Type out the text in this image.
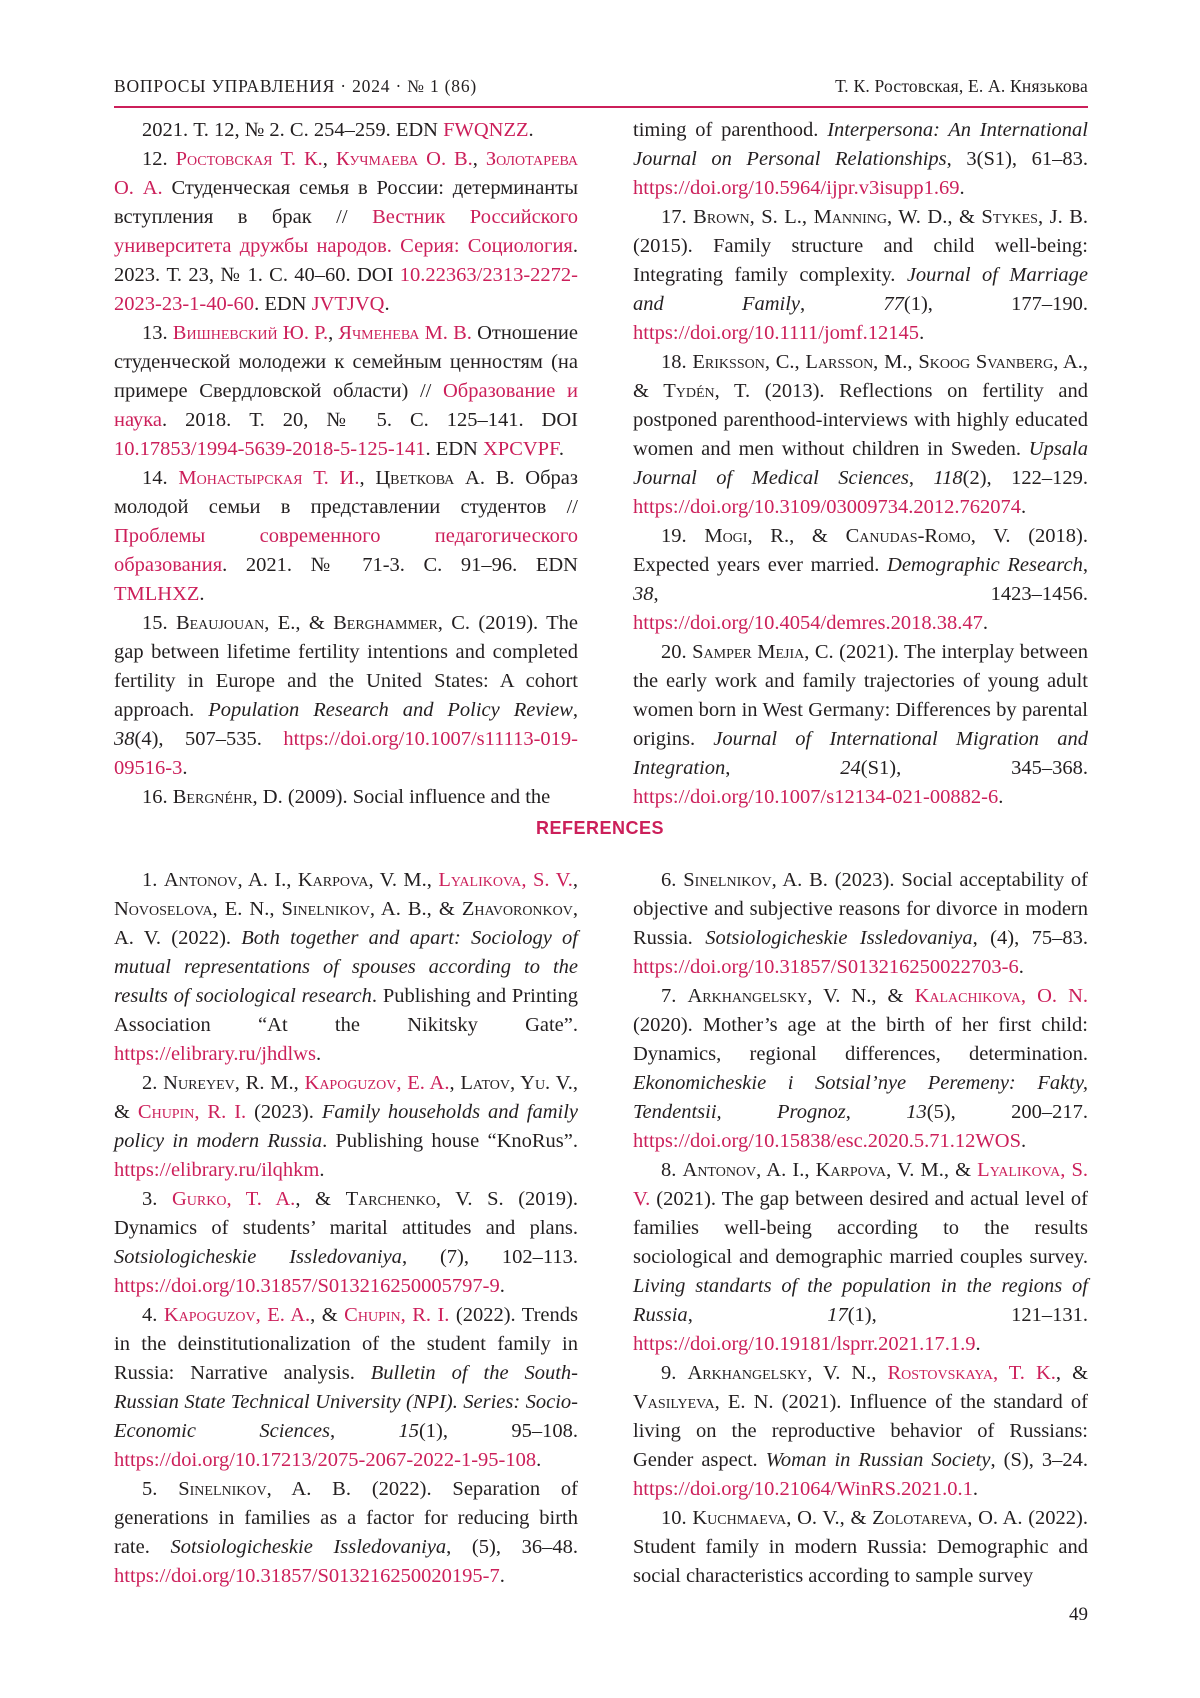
ВОПРОСЫ УПРАВЛЕНИЯ · 2024 · № 1 (86)	Т. К. Ростовская, Е. А. Князькова

2021. Т. 12, № 2. С. 254–259. EDN FWQNZZ.

12. Ростовская Т. К., Кучмаева О. В., Золотарева О. А. Студенческая семья в России: детерминанты вступления в брак // Вестник Российского университета дружбы народов. Серия: Социология. 2023. Т. 23, № 1. С. 40–60. DOI 10.22363/2313-2272-2023-23-1-40-60. EDN JVTJVQ.

13. Вишневский Ю. Р., Ячменева М. В. Отношение студенческой молодежи к семейным ценностям (на примере Свердловской области) // Образование и наука. 2018. Т. 20, № 5. С. 125–141. DOI 10.17853/1994-5639-2018-5-125-141. EDN XPCVPF.

14. Монастырская Т. И., Цветкова А. В. Образ молодой семьи в представлении студентов // Проблемы современного педагогического образования. 2021. № 71-3. С. 91–96. EDN TMLHXZ.

15. Beaujouan, E., & Berghammer, C. (2019). The gap between lifetime fertility intentions and completed fertility in Europe and the United States: A cohort approach. Population Research and Policy Review, 38(4), 507–535. https://doi.org/10.1007/s11113-019-09516-3.

16. Bergnéhr, D. (2009). Social influence and the

timing of parenthood. Interpersona: An International Journal on Personal Relationships, 3(S1), 61–83. https://doi.org/10.5964/ijpr.v3isupp1.69.

17. Brown, S. L., Manning, W. D., & Stykes, J. B. (2015). Family structure and child well-being: Integrating family complexity. Journal of Marriage and Family, 77(1), 177–190. https://doi.org/10.1111/jomf.12145.

18. Eriksson, C., Larsson, M., Skoog Svanberg, A., & Tydén, T. (2013). Reflections on fertility and postponed parenthood-interviews with highly educated women and men without children in Sweden. Upsala Journal of Medical Sciences, 118(2), 122–129. https://doi.org/10.3109/03009734.2012.762074.

19. Mogi, R., & Canudas-Romo, V. (2018). Expected years ever married. Demographic Research, 38, 1423–1456. https://doi.org/10.4054/demres.2018.38.47.

20. Samper Mejia, C. (2021). The interplay between the early work and family trajectories of young adult women born in West Germany: Differences by parental origins. Journal of International Migration and Integration, 24(S1), 345–368. https://doi.org/10.1007/s12134-021-00882-6.

REFERENCES

1. Antonov, A. I., Karpova, V. M., Lyalikova, S. V., Novoselova, E. N., Sinelnikov, A. B., & Zhavoronkov, A. V. (2022). Both together and apart: Sociology of mutual representations of spouses according to the results of sociological research. Publishing and Printing Association “At the Nikitsky Gate”. https://elibrary.ru/jhdlws.

2. Nureyev, R. M., Kapoguzov, E. A., Latov, Yu. V., & Chupin, R. I. (2023). Family households and family policy in modern Russia. Publishing house “KnoRus”. https://elibrary.ru/ilqhkm.

3. Gurko, T. A., & Tarchenko, V. S. (2019). Dynamics of students’ marital attitudes and plans. Sotsiologicheskie Issledovaniya, (7), 102–113. https://doi.org/10.31857/S013216250005797-9.

4. Kapoguzov, E. A., & Chupin, R. I. (2022). Trends in the deinstitutionalization of the student family in Russia: Narrative analysis. Bulletin of the South-Russian State Technical University (NPI). Series: Socio-Economic Sciences, 15(1), 95–108. https://doi.org/10.17213/2075-2067-2022-1-95-108.

5. Sinelnikov, A. B. (2022). Separation of generations in families as a factor for reducing birth rate. Sotsiologicheskie Issledovaniya, (5), 36–48. https://doi.org/10.31857/S013216250020195-7.

6. Sinelnikov, A. B. (2023). Social acceptability of objective and subjective reasons for divorce in modern Russia. Sotsiologicheskie Issledovaniya, (4), 75–83. https://doi.org/10.31857/S013216250022703-6.

7. Arkhangelsky, V. N., & Kalachikova, O. N. (2020). Mother’s age at the birth of her first child: Dynamics, regional differences, determination. Ekonomicheskie i Sotsial’nye Peremeny: Fakty, Tendentsii, Prognoz, 13(5), 200–217. https://doi.org/10.15838/esc.2020.5.71.12WOS.

8. Antonov, A. I., Karpova, V. M., & Lyalikova, S. V. (2021). The gap between desired and actual level of families well-being according to the results sociological and demographic married couples survey. Living standarts of the population in the regions of Russia, 17(1), 121–131. https://doi.org/10.19181/lsprr.2021.17.1.9.

9. Arkhangelsky, V. N., Rostovskaya, T. K., & Vasilyeva, E. N. (2021). Influence of the standard of living on the reproductive behavior of Russians: Gender aspect. Woman in Russian Society, (S), 3–24. https://doi.org/10.21064/WinRS.2021.0.1.

10. Kuchmaeva, O. V., & Zolotareva, O. A. (2022). Student family in modern Russia: Demographic and social characteristics according to sample survey

49
